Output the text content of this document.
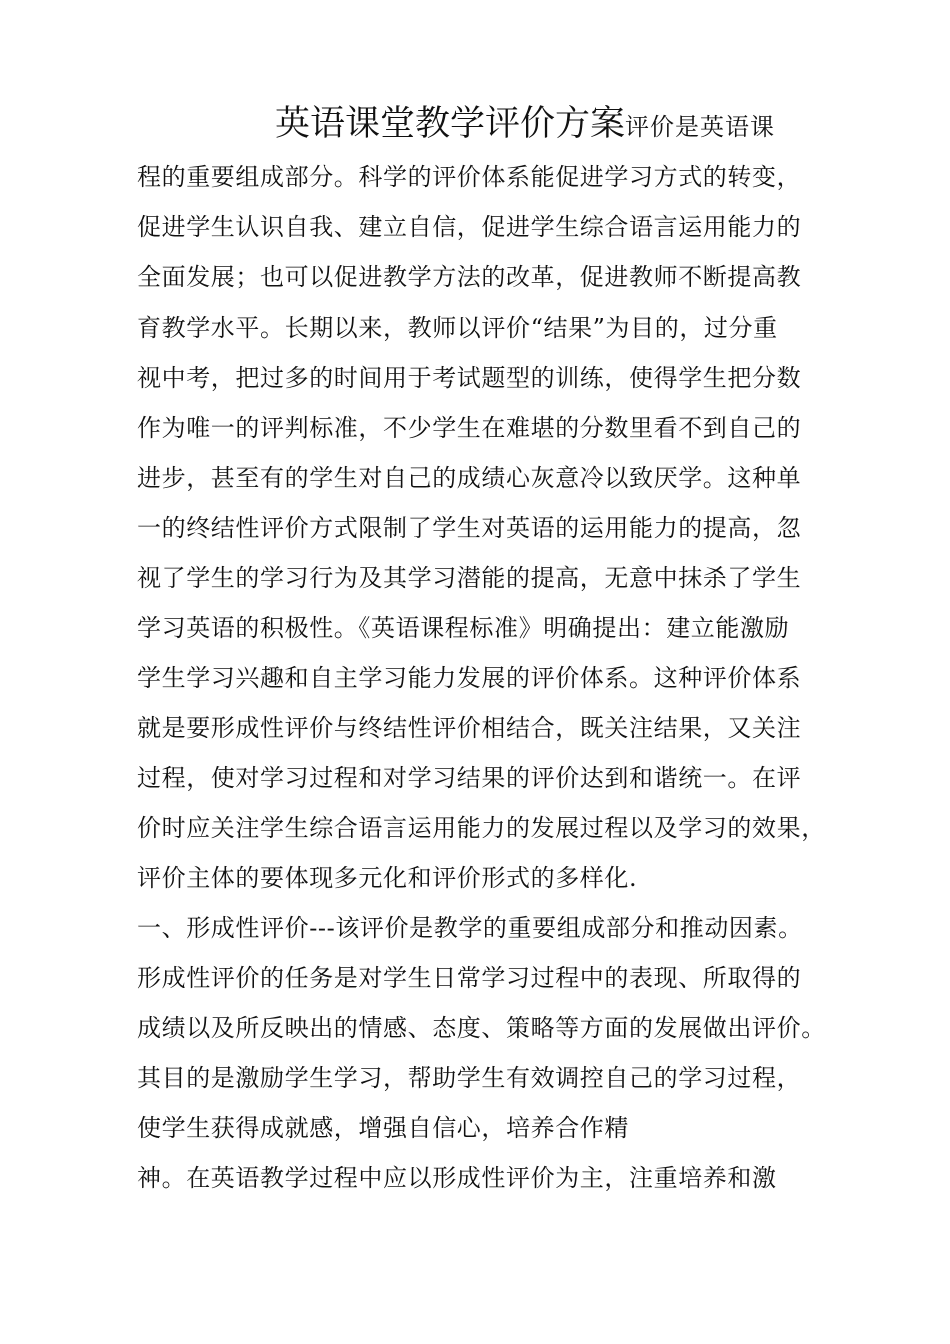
英语课堂教学评价方案评价是英语课
程的重要组成部分。科学的评价体系能促进学习方式的转变，
促进学生认识自我、建立自信，促进学生综合语言运用能力的
全面发展；也可以促进教学方法的改革，促进教师不断提高教
育教学水平。长期以来，教师以评价“结果”为目的，过分重
视中考，把过多的时间用于考试题型的训练，使得学生把分数
作为唯一的评判标准，不少学生在难堪的分数里看不到自己的
进步，甚至有的学生对自己的成绩心灰意冷以致厌学。这种单
一的终结性评价方式限制了学生对英语的运用能力的提高，忽
视了学生的学习行为及其学习潜能的提高，无意中抹杀了学生
学习英语的积极性。《英语课程标准》明确提出：建立能激励
学生学习兴趣和自主学习能力发展的评价体系。这种评价体系
就是要形成性评价与终结性评价相结合，既关注结果，又关注
过程，使对学习过程和对学习结果的评价达到和谐统一。在评
价时应关注学生综合语言运用能力的发展过程以及学习的效果，
评价主体的要体现多元化和评价形式的多样化.
一、形成性评价---该评价是教学的重要组成部分和推动因素。
形成性评价的任务是对学生日常学习过程中的表现、所取得的
成绩以及所反映出的情感、态度、策略等方面的发展做出评价。
其目的是激励学生学习，帮助学生有效调控自己的学习过程，
使学生获得成就感，增强自信心，培养合作精
神。在英语教学过程中应以形成性评价为主，注重培养和激
